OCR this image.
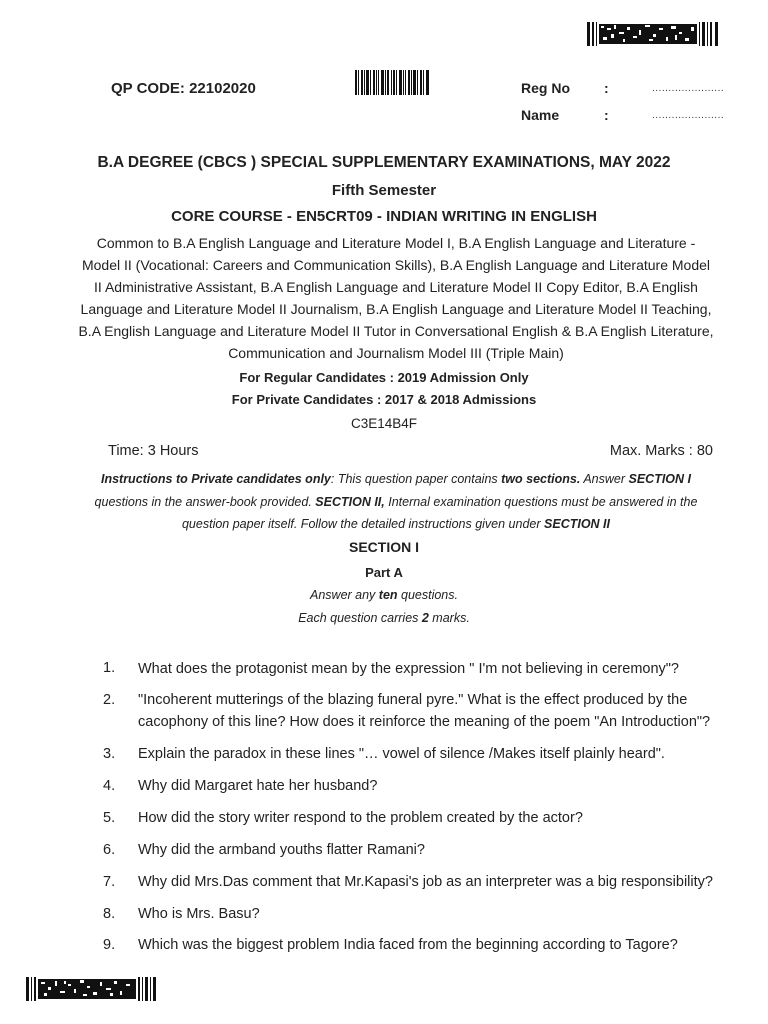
QP CODE: 22102020	Reg No :	......................
Name	:	......................
B.A DEGREE (CBCS ) SPECIAL SUPPLEMENTARY EXAMINATIONS, MAY 2022
Fifth Semester
CORE COURSE - EN5CRT09 - INDIAN WRITING IN ENGLISH
Common to B.A English Language and Literature Model I, B.A English Language and Literature - Model II (Vocational: Careers and Communication Skills), B.A English Language and Literature Model II Administrative Assistant, B.A English Language and Literature Model II Copy Editor, B.A English Language and Literature Model II Journalism, B.A English Language and Literature Model II Teaching, B.A English Language and Literature Model II Tutor in Conversational English & B.A English Literature, Communication and Journalism Model III (Triple Main)
For Regular Candidates : 2019 Admission Only
For Private Candidates : 2017 & 2018 Admissions
C3E14B4F
Time: 3 Hours	Max. Marks : 80
Instructions to Private candidates only: This question paper contains two sections. Answer SECTION I questions in the answer-book provided. SECTION II, Internal examination questions must be answered in the question paper itself. Follow the detailed instructions given under SECTION II
SECTION I
Part A
Answer any ten questions.
Each question carries 2 marks.
1.	What does the protagonist mean by the expression " I'm not believing in ceremony"?
2.	"Incoherent mutterings of the blazing funeral pyre." What is the effect produced by the cacophony of this line? How does it reinforce the meaning of the poem "An Introduction"?
3.	Explain the paradox in these lines "… vowel of silence /Makes itself plainly heard".
4.	Why did Margaret hate her husband?
5.	How did the story writer respond to the problem created by the actor?
6.	Why did the armband youths flatter Ramani?
7.	Why did Mrs.Das comment that Mr.Kapasi's job as an interpreter was a big responsibility?
8.	Who is Mrs. Basu?
9.	Which was the biggest problem India faced from the beginning according to Tagore?
